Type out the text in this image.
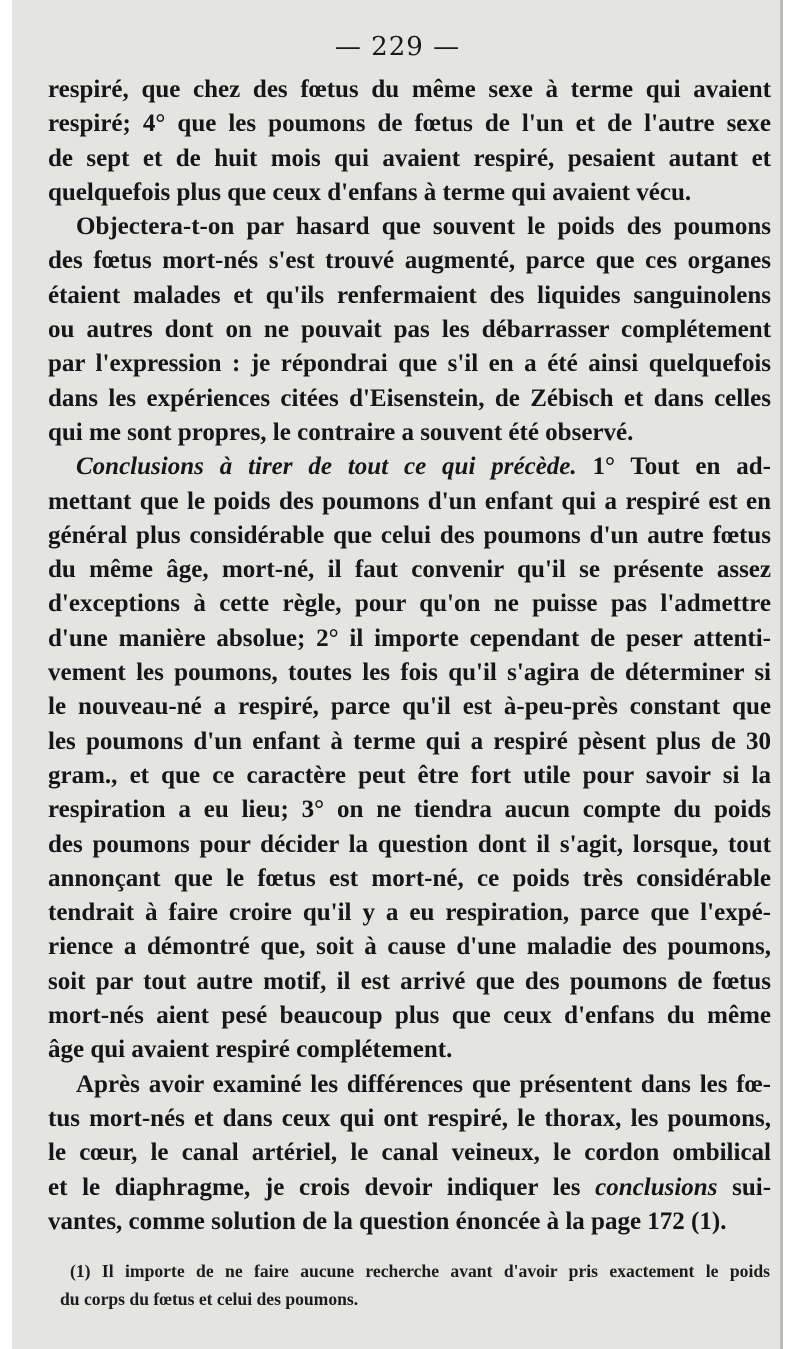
— 229 —
respiré, que chez des fœtus du même sexe à terme qui avaient
respiré; 4° que les poumons de fœtus de l'un et de l'autre sexe
de sept et de huit mois qui avaient respiré, pesaient autant et
quelquefois plus que ceux d'enfans à terme qui avaient vécu.
Objectera-t-on par hasard que souvent le poids des poumons
des fœtus mort-nés s'est trouvé augmenté, parce que ces organes
étaient malades et qu'ils renfermaient des liquides sanguinolens
ou autres dont on ne pouvait pas les débarrasser complétement
par l'expression : je répondrai que s'il en a été ainsi quelquefois
dans les expériences citées d'Eisenstein, de Zébisch et dans celles
qui me sont propres, le contraire a souvent été observé.
Conclusions à tirer de tout ce qui précède. 1° Tout en ad-
mettant que le poids des poumons d'un enfant qui a respiré est en
général plus considérable que celui des poumons d'un autre fœtus
du même âge, mort-né, il faut convenir qu'il se présente assez
d'exceptions à cette règle, pour qu'on ne puisse pas l'admettre
d'une manière absolue; 2° il importe cependant de peser attenti-
vement les poumons, toutes les fois qu'il s'agira de déterminer si
le nouveau-né a respiré, parce qu'il est à-peu-près constant que
les poumons d'un enfant à terme qui a respiré pèsent plus de 30
gram., et que ce caractère peut être fort utile pour savoir si la
respiration a eu lieu; 3° on ne tiendra aucun compte du poids
des poumons pour décider la question dont il s'agit, lorsque, tout
annonçant que le fœtus est mort-né, ce poids très considérable
tendrait à faire croire qu'il y a eu respiration, parce que l'expé-
rience a démontré que, soit à cause d'une maladie des poumons,
soit par tout autre motif, il est arrivé que des poumons de fœtus
mort-nés aient pesé beaucoup plus que ceux d'enfans du même
âge qui avaient respiré complétement.
Après avoir examiné les différences que présentent dans les fœ-
tus mort-nés et dans ceux qui ont respiré, le thorax, les poumons,
le cœur, le canal artériel, le canal veineux, le cordon ombilical
et le diaphragme, je crois devoir indiquer les conclusions sui-
vantes, comme solution de la question énoncée à la page 172 (1).
(1) Il importe de ne faire aucune recherche avant d'avoir pris exactement le poids
du corps du fœtus et celui des poumons.
